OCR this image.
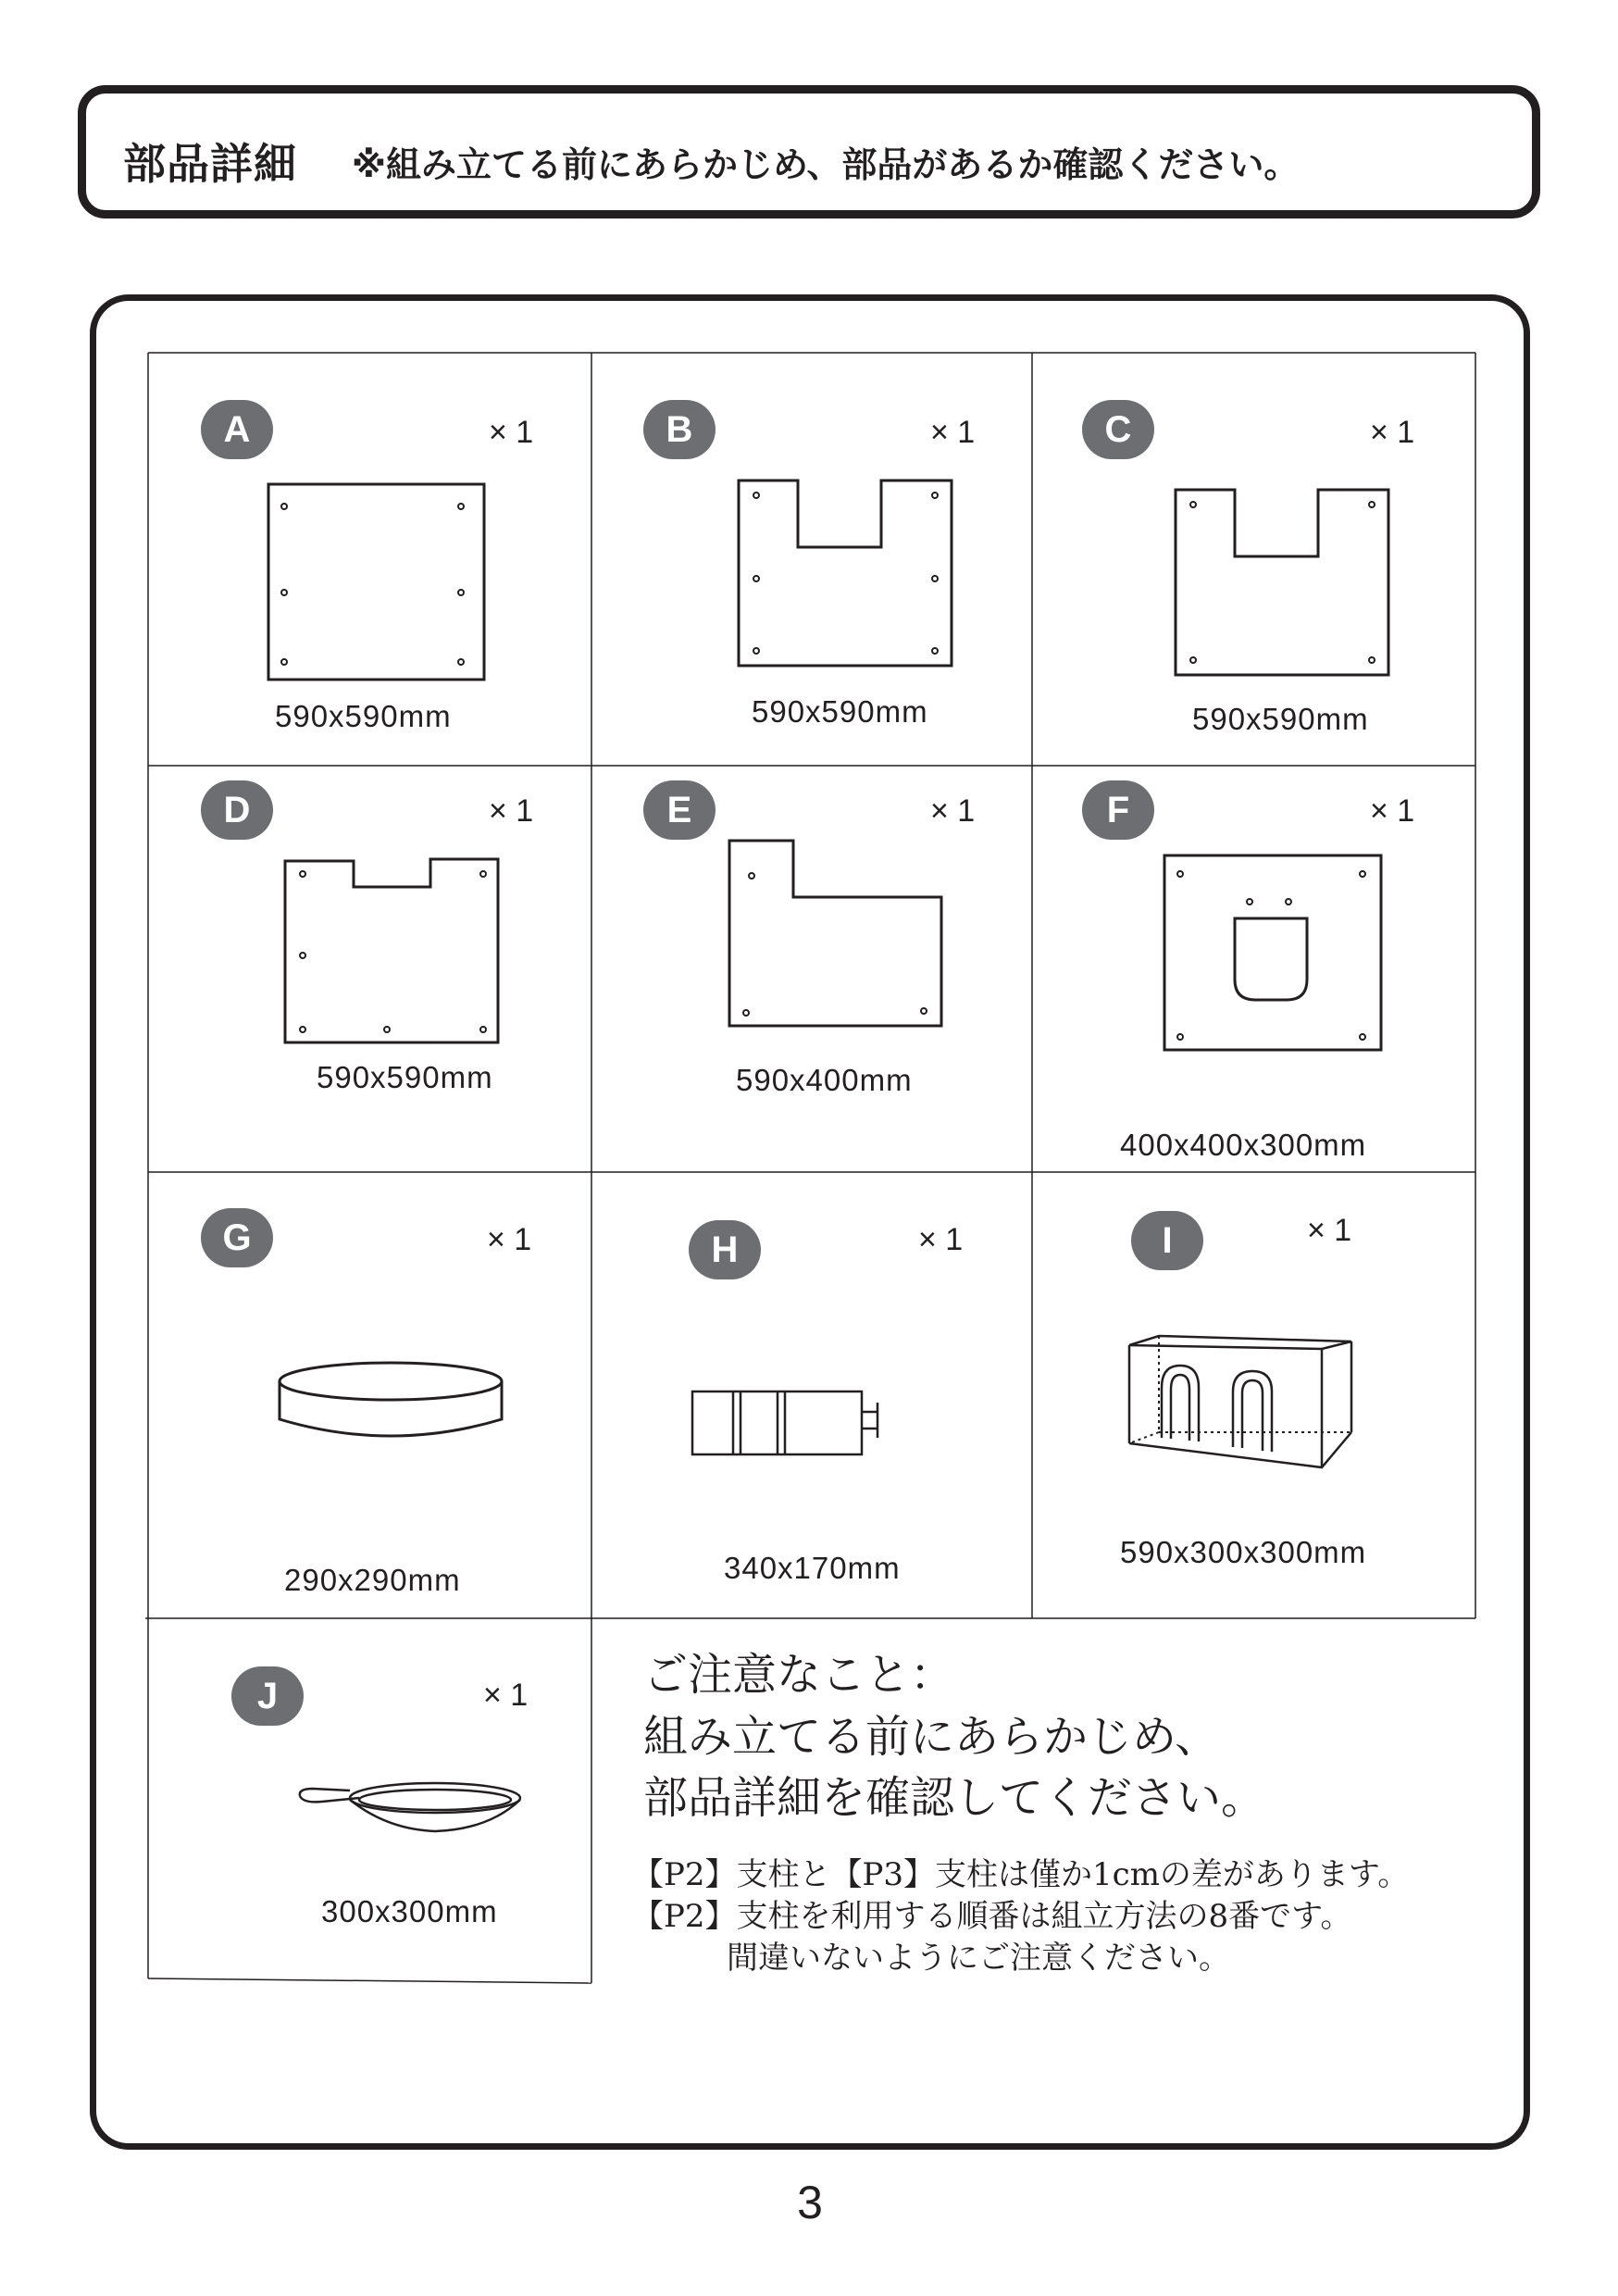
部品詳細 ※組み立てる前にあらかじめ、部品があるか確認ください。
A	× 1
590x590mm
B	× 1
590x590mm
C	× 1
590x590mm
D	× 1
590x590mm
E	× 1
590x400mm
F	× 1
400x400x300mm
G	× 1
290x290mm
H	× 1
340x170mm
I	× 1
590x300x300mm
J	× 1
300x300mm
ご注意なこと：
組み立てる前にあらかじめ、
部品詳細を確認してください。
【P2】支柱と【P3】支柱は僅か1cmの差があります。
【P2】支柱を利用する順番は組立方法の8番です。
間違いないようにご注意ください。
3
